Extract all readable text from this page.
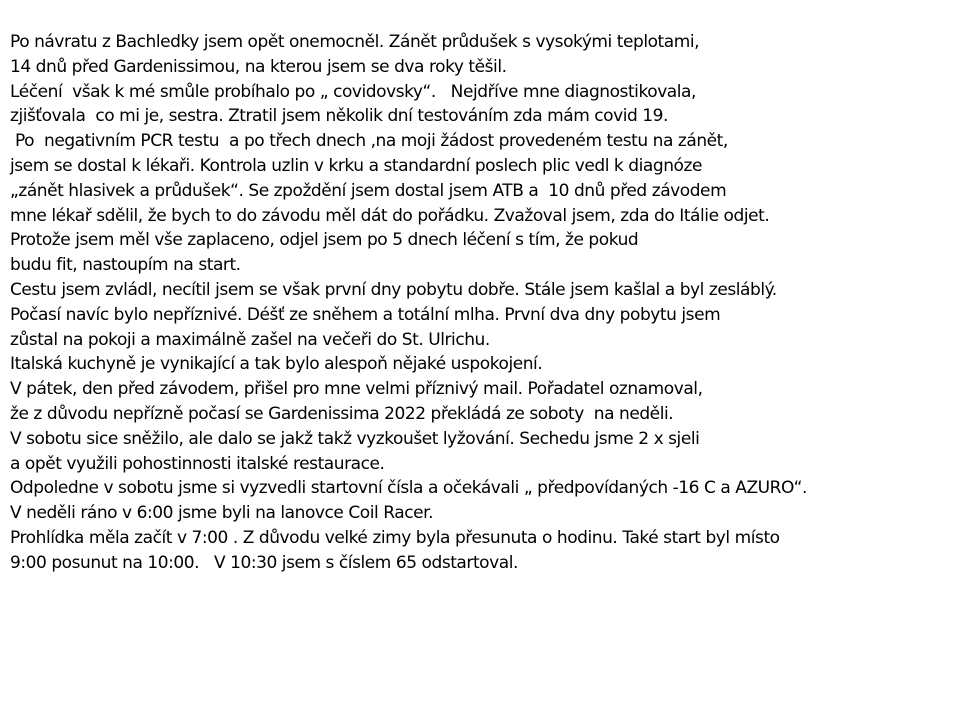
Po návratu z Bachledky jsem opět onemocněl. Zánět průdušek s vysokými teplotami,
14 dnů před Gardenissimou, na kterou jsem se dva roky těšil.
Léčení  však k mé smůle probíhalo po „ covidovsky“.   Nejdříve mne diagnostikovala,
zjišťovala  co mi je, sestra. Ztratil jsem několik dní testováním zda mám covid 19.
Po  negativním PCR testu  a po třech dnech ,na moji žádost provedeném testu na zánět,
jsem se dostal k lékaři. Kontrola uzlin v krku a standardní poslech plic vedl k diagnóze
„zánět hlasivek a průdušek“. Se zpoždění jsem dostal jsem ATB a  10 dnů před závodem
mne lékař sdělil, že bych to do závodu měl dát do pořádku. Zvažoval jsem, zda do Itálie odjet.
Protože jsem měl vše zaplaceno, odjel jsem po 5 dnech léčení s tím, že pokud
budu fit, nastoupím na start.
Cestu jsem zvládl, necítil jsem se však první dny pobytu dobře. Stále jsem kašlal a byl zesláblý.
Počasí navíc bylo nepříznivé. Déšť ze sněhem a totální mlha. První dva dny pobytu jsem
zůstal na pokoji a maximálně zašel na večeři do St. Ulrichu.
Italská kuchyně je vynikající a tak bylo alespoň nějaké uspokojení.
V pátek, den před závodem, přišel pro mne velmi příznivý mail. Pořadatel oznamoval,
že z důvodu nepřízně počasí se Gardenissima 2022 překládá ze soboty  na neděli.
V sobotu sice sněžilo, ale dalo se jakž takž vyzkoušet lyžování. Sechedu jsme 2 x sjeli
a opět využili pohostinnosti italské restaurace.
Odpoledne v sobotu jsme si vyzvedli startovní čísla a očekávali „ předpovídaných -16 C a AZURO“.
V neděli ráno v 6:00 jsme byli na lanovce Coil Racer.
Prohlídka měla začít v 7:00 . Z důvodu velké zimy byla přesunuta o hodinu. Také start byl místo
9:00 posunut na 10:00.   V 10:30 jsem s číslem 65 odstartoval.
